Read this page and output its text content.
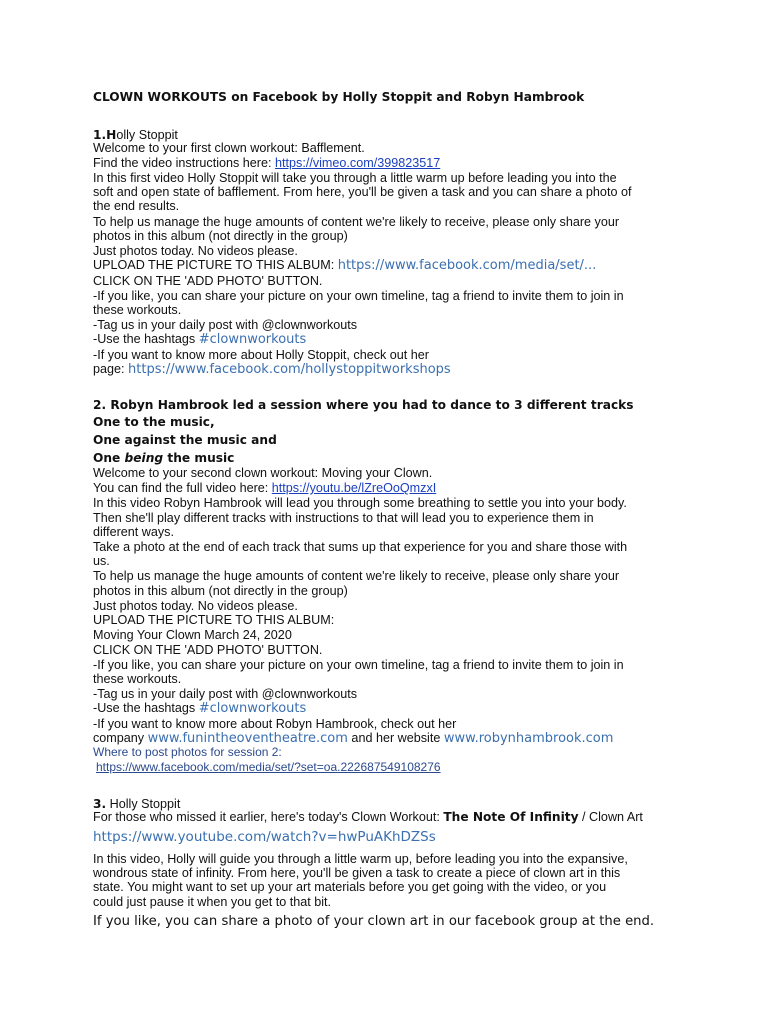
CLOWN WORKOUTS on Facebook by Holly Stoppit and Robyn Hambrook
1.Holly Stoppit
Welcome to your first clown workout: Bafflement.
Find the video instructions here: https://vimeo.com/399823517
In this first video Holly Stoppit will take you through a little warm up before leading you into the
soft and open state of bafflement. From here, you'll be given a task and you can share a photo of
the end results.
To help us manage the huge amounts of content we're likely to receive, please only share your
photos in this album (not directly in the group)
Just photos today. No videos please.
UPLOAD THE PICTURE TO THIS ALBUM: https://www.facebook.com/media/set/...
CLICK ON THE 'ADD PHOTO' BUTTON.
-If you like, you can share your picture on your own timeline, tag a friend to invite them to join in
these workouts.
-Tag us in your daily post with @clownworkouts
-Use the hashtags #clownworkouts
-If you want to know more about Holly Stoppit, check out her
page: https://www.facebook.com/hollystoppitworkshops
2. Robyn Hambrook led a session where you had to dance to 3 different tracks
One to the music,
One against the music and
One being the music
Welcome to your second clown workout: Moving your Clown.
You can find the full video here: https://youtu.be/lZreOoQmzxI
In this video Robyn Hambrook will lead you through some breathing to settle you into your body.
Then she'll play different tracks with instructions to that will lead you to experience them in
different ways.
Take a photo at the end of each track that sums up that experience for you and share those with
us.
To help us manage the huge amounts of content we're likely to receive, please only share your
photos in this album (not directly in the group)
Just photos today. No videos please.
UPLOAD THE PICTURE TO THIS ALBUM:
Moving Your Clown March 24, 2020
CLICK ON THE 'ADD PHOTO' BUTTON.
-If you like, you can share your picture on your own timeline, tag a friend to invite them to join in
these workouts.
-Tag us in your daily post with @clownworkouts
-Use the hashtags #clownworkouts
-If you want to know more about Robyn Hambrook, check out her
company www.funintheoventheatre.com and her website www.robynhambrook.com
Where to post photos for session 2:
https://www.facebook.com/media/set/?set=oa.222687549108276
3. Holly Stoppit
For those who missed it earlier, here's today's Clown Workout: The Note Of Infinity / Clown Art
https://www.youtube.com/watch?v=hwPuAKhDZSs
In this video, Holly will guide you through a little warm up, before leading you into the expansive,
wondrous state of infinity. From here, you'll be given a task to create a piece of clown art in this
state. You might want to set up your art materials before you get going with the video, or you
could just pause it when you get to that bit.
If you like, you can share a photo of your clown art in our facebook group at the end.
